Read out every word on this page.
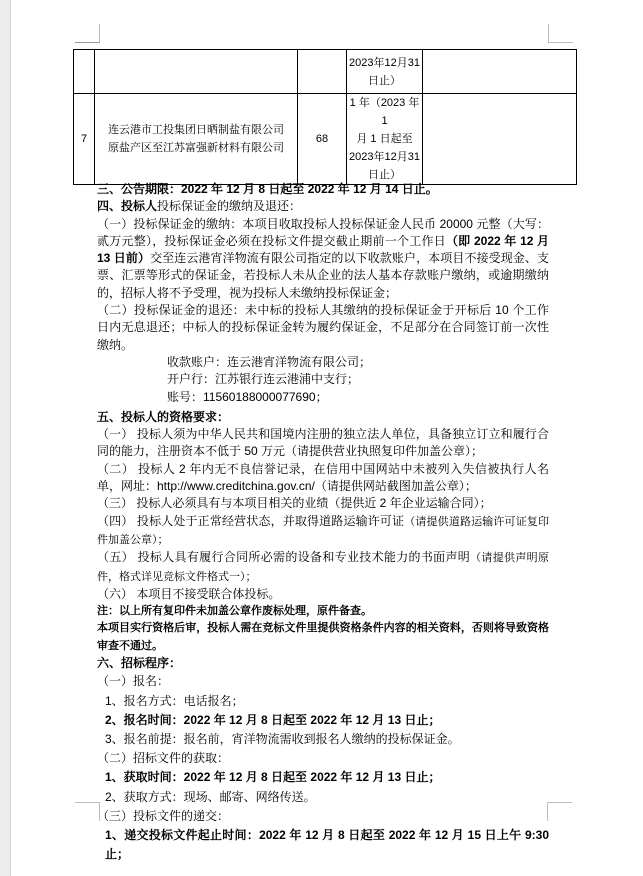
			2023年12月31
日止）	

7	连云港市工投集团日晒制盐有限公司
原盐产区至江苏富强新材料有限公司	68	1 年（2023 年 1
月 1 日起至
2023年12月31
日止）	

三、公告期限：2022 年 12 月 8 日起至 2022 年 12 月 14 日止。

四、投标人投标保证金的缴纳及退还：

（一）投标保证金的缴纳：本项目收取投标人投标保证金人民币 20000 元整（大写：贰万元整），投标保证金必须在投标文件提交截止期前一个工作日（即 2022 年 12 月 13 日前）交至连云港宵洋物流有限公司指定的以下收款账户，本项目不接受现金、支票、汇票等形式的保证金，若投标人未从企业的法人基本存款账户缴纳，或逾期缴纳的，招标人将不予受理，视为投标人未缴纳投标保证金；

（二）投标保证金的退还：未中标的投标人其缴纳的投标保证金于开标后 10 个工作日内无息退还；中标人的投标保证金转为履约保证金，不足部分在合同签订前一次性缴纳。

收款账户：连云港宵洋物流有限公司；

开户行：江苏银行连云港浦中支行；

账号：11560188000077690；

五、投标人的资格要求：

（一） 投标人须为中华人民共和国境内注册的独立法人单位，具备独立订立和履行合同的能力，注册资本不低于 50 万元（请提供营业执照复印件加盖公章）；

（二） 投标人 2 年内无不良信誉记录，在信用中国网站中未被列入失信被执行人名单，网址：http://www.creditchina.gov.cn/（请提供网站截图加盖公章）；

（三） 投标人必须具有与本项目相关的业绩（提供近 2 年企业运输合同）；

（四） 投标人处于正常经营状态，并取得道路运输许可证（请提供道路运输许可证复印件加盖公章）；

（五） 投标人具有履行合同所必需的设备和专业技术能力的书面声明（请提供声明原件，格式详见竞标文件格式一）；

（六） 本项目不接受联合体投标。

注：以上所有复印件未加盖公章作废标处理，原件备查。

本项目实行资格后审，投标人需在竞标文件里提供资格条件内容的相关资料，否则将导致资格审查不通过。

六、招标程序：

（一）报名：

1、报名方式：电话报名；

2、报名时间：2022 年 12 月 8 日起至 2022 年 12 月 13 日止；

3、报名前提：报名前，宵洋物流需收到报名人缴纳的投标保证金。

（二）招标文件的获取：

1、获取时间：2022 年 12 月 8 日起至 2022 年 12 月 13 日止；

2、获取方式：现场、邮寄、网络传送。

（三）投标文件的递交：

1、递交投标文件起止时间：2022 年 12 月 8 日起至 2022 年 12 月 15 日上午 9:30 止；
